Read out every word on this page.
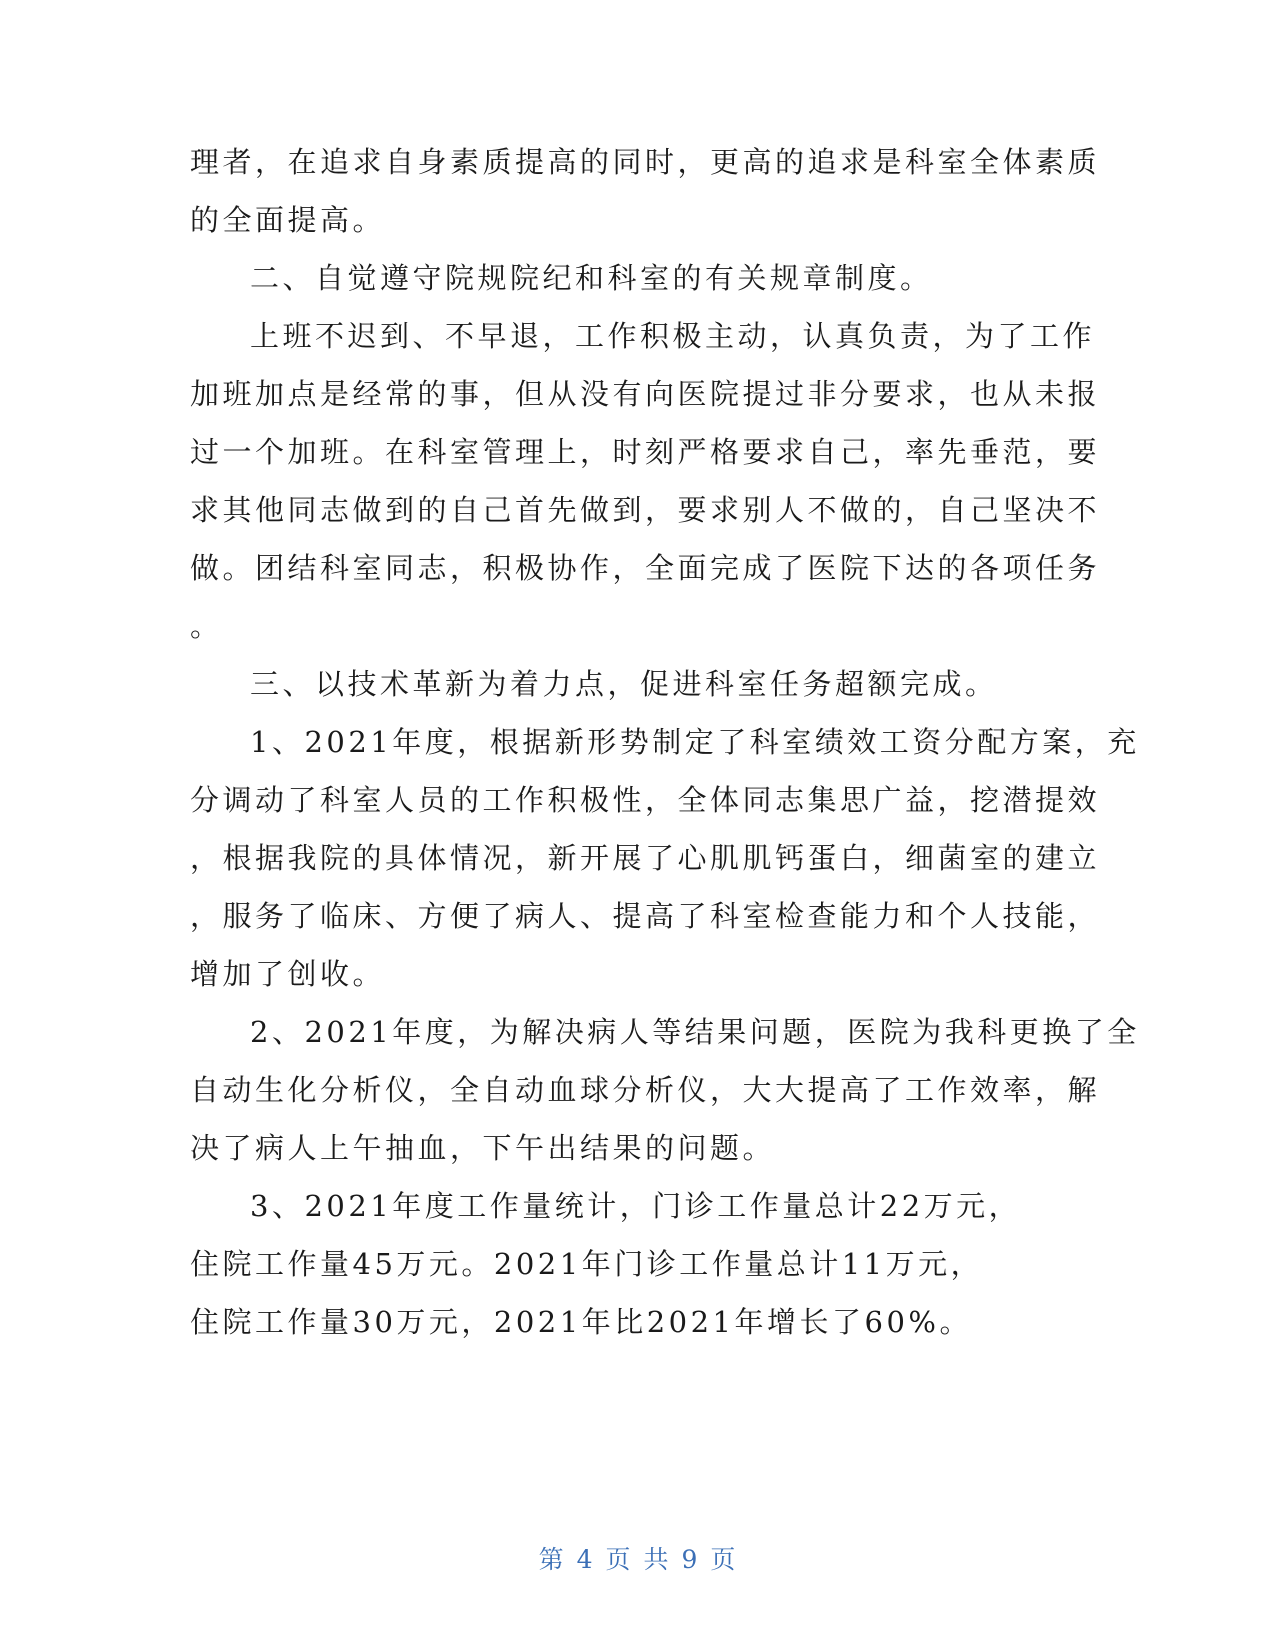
理者，在追求自身素质提高的同时，更高的追求是科室全体素质
的全面提高。
二、自觉遵守院规院纪和科室的有关规章制度。
上班不迟到、不早退，工作积极主动，认真负责，为了工作
加班加点是经常的事，但从没有向医院提过非分要求，也从未报
过一个加班。在科室管理上，时刻严格要求自己，率先垂范，要
求其他同志做到的自己首先做到，要求别人不做的，自己坚决不
做。团结科室同志，积极协作，全面完成了医院下达的各项任务
。
三、以技术革新为着力点，促进科室任务超额完成。
1、2021年度，根据新形势制定了科室绩效工资分配方案，充
分调动了科室人员的工作积极性，全体同志集思广益，挖潜提效
，根据我院的具体情况，新开展了心肌肌钙蛋白，细菌室的建立
，服务了临床、方便了病人、提高了科室检查能力和个人技能，
增加了创收。
2、2021年度，为解决病人等结果问题，医院为我科更换了全
自动生化分析仪，全自动血球分析仪，大大提高了工作效率，解
决了病人上午抽血，下午出结果的问题。
3、2021年度工作量统计，门诊工作量总计22万元，
住院工作量45万元。2021年门诊工作量总计11万元，
住院工作量30万元，2021年比2021年增长了60%。
第 4 页 共 9 页
